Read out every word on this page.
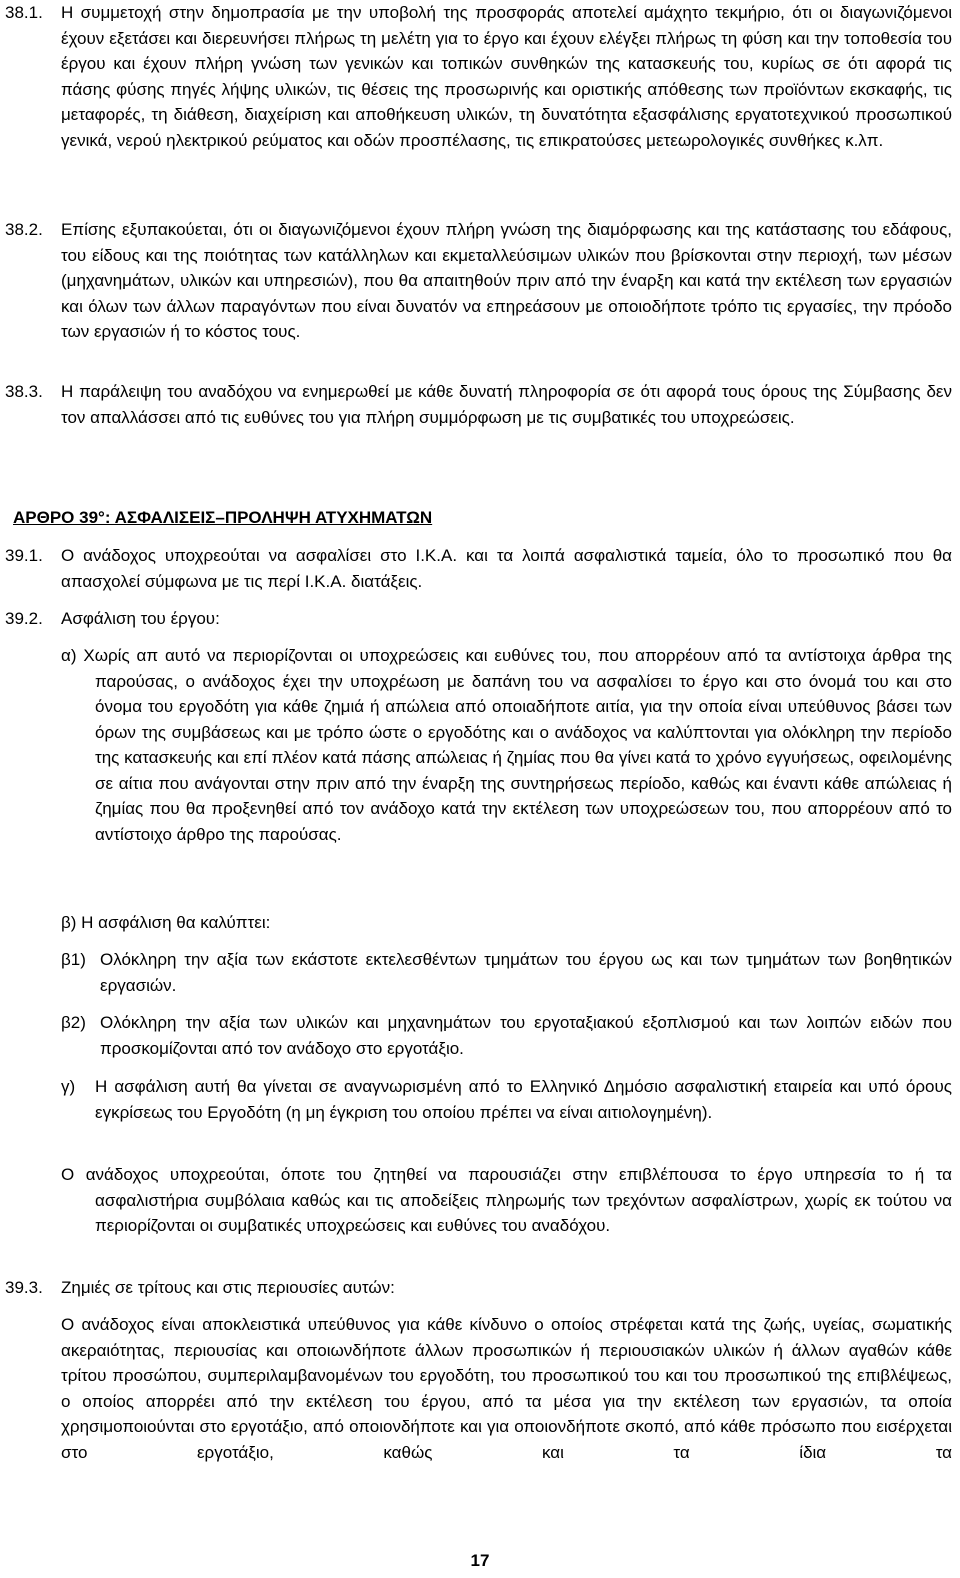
38.1. Η συμμετοχή στην δημοπρασία με την υποβολή της προσφοράς αποτελεί αμάχητο τεκμήριο, ότι οι διαγωνιζόμενοι έχουν εξετάσει και διερευνήσει πλήρως τη μελέτη για το έργο και έχουν ελέγξει πλήρως τη φύση και την τοποθεσία του έργου και έχουν πλήρη γνώση των γενικών και τοπικών συνθηκών της κατασκευής του, κυρίως σε ότι αφορά τις πάσης φύσης πηγές λήψης υλικών, τις θέσεις της προσωρινής και οριστικής απόθεσης των προϊόντων εκσκαφής, τις μεταφορές, τη διάθεση, διαχείριση και αποθήκευση υλικών, τη δυνατότητα εξασφάλισης εργατοτεχνικού προσωπικού γενικά, νερού ηλεκτρικού ρεύματος και οδών προσπέλασης, τις επικρατούσες μετεωρολογικές συνθήκες κ.λπ.
38.2. Επίσης εξυπακούεται, ότι οι διαγωνιζόμενοι έχουν πλήρη γνώση της διαμόρφωσης και της κατάστασης του εδάφους, του είδους και της ποιότητας των κατάλληλων και εκμεταλλεύσιμων υλικών που βρίσκονται στην περιοχή, των μέσων (μηχανημάτων, υλικών και υπηρεσιών), που θα απαιτηθούν πριν από την έναρξη και κατά την εκτέλεση των εργασιών και όλων των άλλων παραγόντων που είναι δυνατόν να επηρεάσουν με οποιοδήποτε τρόπο τις εργασίες, την πρόοδο των εργασιών ή το κόστος τους.
38.3. Η παράλειψη του αναδόχου να ενημερωθεί με κάθε δυνατή πληροφορία σε ότι αφορά τους όρους της Σύμβασης δεν τον απαλλάσσει από τις ευθύνες του για πλήρη συμμόρφωση με τις συμβατικές του υποχρεώσεις.
ΑΡΘΡΟ 39°: ΑΣΦΑΛΙΣΕΙΣ–ΠΡΟΛΗΨΗ ΑΤΥΧΗΜΑΤΩΝ
39.1. Ο ανάδοχος υποχρεούται να ασφαλίσει στο Ι.Κ.Α. και τα λοιπά ασφαλιστικά ταμεία, όλο το προσωπικό που θα απασχολεί σύμφωνα με τις περί Ι.Κ.Α. διατάξεις.
39.2. Ασφάλιση του έργου:
α) Χωρίς απ αυτό να περιορίζονται οι υποχρεώσεις και ευθύνες του, που απορρέουν από τα αντίστοιχα άρθρα της παρούσας, ο ανάδοχος έχει την υποχρέωση με δαπάνη του να ασφαλίσει το έργο και στο όνομά του και στο όνομα του εργοδότη για κάθε ζημιά ή απώλεια από οποιαδήποτε αιτία, για την οποία είναι υπεύθυνος βάσει των όρων της συμβάσεως και με τρόπο ώστε ο εργοδότης και ο ανάδοχος να καλύπτονται για ολόκληρη την περίοδο της κατασκευής και επί πλέον κατά πάσης απώλειας ή ζημίας που θα γίνει κατά το χρόνο εγγυήσεως, οφειλομένης σε αίτια που ανάγονται στην πριν από την έναρξη της συντηρήσεως περίοδο, καθώς και έναντι κάθε απώλειας ή ζημίας που θα προξενηθεί από τον ανάδοχο κατά την εκτέλεση των υποχρεώσεων του, που απορρέουν από το αντίστοιχο άρθρο της παρούσας.
β) Η ασφάλιση θα καλύπτει:
β1) Ολόκληρη την αξία των εκάστοτε εκτελεσθέντων τμημάτων του έργου ως και των τμημάτων των βοηθητικών εργασιών.
β2) Ολόκληρη την αξία των υλικών και μηχανημάτων του εργοταξιακού εξοπλισμού και των λοιπών ειδών που προσκομίζονται από τον ανάδοχο στο εργοτάξιο.
γ) Η ασφάλιση αυτή θα γίνεται σε αναγνωρισμένη από το Ελληνικό Δημόσιο ασφαλιστική εταιρεία και υπό όρους εγκρίσεως του Εργοδότη (η μη έγκριση του οποίου πρέπει να είναι αιτιολογημένη).
Ο ανάδοχος υποχρεούται, όποτε του ζητηθεί να παρουσιάζει στην επιβλέπουσα το έργο υπηρεσία το ή τα ασφαλιστήρια συμβόλαια καθώς και τις αποδείξεις πληρωμής των τρεχόντων ασφαλίστρων, χωρίς εκ τούτου να περιορίζονται οι συμβατικές υποχρεώσεις και ευθύνες του αναδόχου.
39.3. Ζημιές σε τρίτους και στις περιουσίες αυτών:
Ο ανάδοχος είναι αποκλειστικά υπεύθυνος για κάθε κίνδυνο ο οποίος στρέφεται κατά της ζωής, υγείας, σωματικής ακεραιότητας, περιουσίας και οποιωνδήποτε άλλων προσωπικών ή περιουσιακών υλικών ή άλλων αγαθών κάθε τρίτου προσώπου, συμπεριλαμβανομένων του εργοδότη, του προσωπικού του και του προσωπικού της επιβλέψεως, ο οποίος απορρέει από την εκτέλεση του έργου, από τα μέσα για την εκτέλεση των εργασιών, τα οποία χρησιμοποιούνται στο εργοτάξιο, από οποιονδήποτε και για οποιονδήποτε σκοπό, από κάθε πρόσωπο που εισέρχεται στο εργοτάξιο, καθώς και τα ίδια τα
17
